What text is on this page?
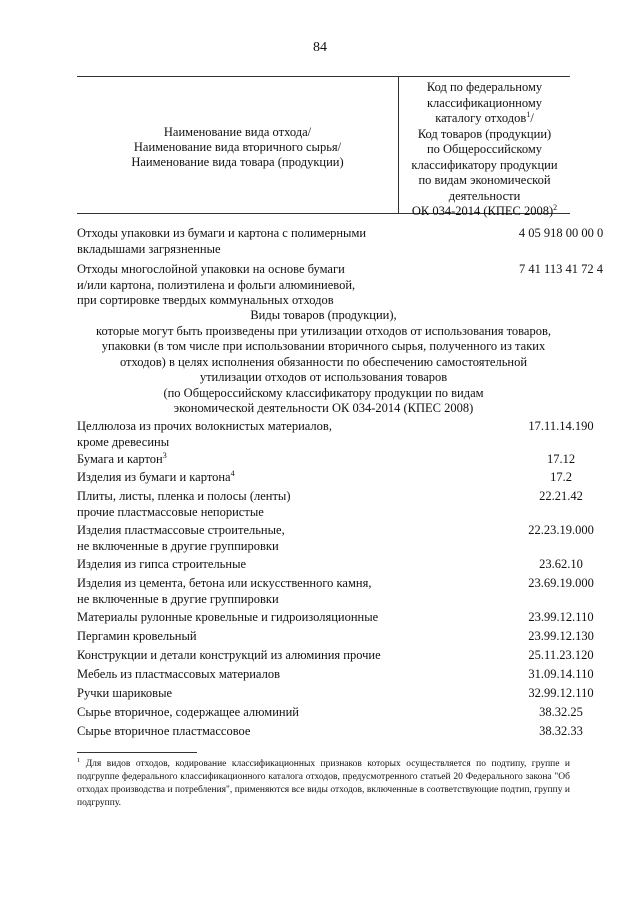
84
Наименование вида отхода/
Наименование вида вторичного сырья/
Наименование вида товара (продукции)
Код по федеральному
классификационному
каталогу отходов$^1$/
Код товаров (продукции)
по Общероссийскому
классификатору продукции
по видам экономической
деятельности
ОК 034-2014 (КПЕС 2008)$^2$
Отходы упаковки из бумаги и картона с полимерными
вкладышами загрязненные
4 05 918 00 00 0
Отходы многослойной упаковки на основе бумаги
и/или картона, полиэтилена и фольги алюминиевой,
при сортировке твердых коммунальных отходов
7 41 113 41 72 4
Виды товаров (продукции),
которые могут быть произведены при утилизации отходов от использования товаров,
упаковки (в том числе при использовании вторичного сырья, полученного из таких
отходов) в целях исполнения обязанности по обеспечению самостоятельной
утилизации отходов от использования товаров
(по Общероссийскому классификатору продукции по видам
экономической деятельности ОК 034-2014 (КПЕС 2008)
Целлюлоза из прочих волокнистых материалов,
кроме древесины
17.11.14.190
Бумага и картон$^3$	17.12
Изделия из бумаги и картона$^4$	17.2
Плиты, листы, пленка и полосы (ленты)
прочие пластмассовые непористые
22.21.42
Изделия пластмассовые строительные,
не включенные в другие группировки
22.23.19.000
Изделия из гипса строительные	23.62.10
Изделия из цемента, бетона или искусственного камня,
не включенные в другие группировки
23.69.19.000
Материалы рулонные кровельные и гидроизоляционные	23.99.12.110
Пергамин кровельный	23.99.12.130
Конструкции и детали конструкций из алюминия прочие	25.11.23.120
Мебель из пластмассовых материалов	31.09.14.110
Ручки шариковые	32.99.12.110
Сырье вторичное, содержащее алюминий	38.32.25
Сырье вторичное пластмассовое	38.32.33
$^1$ Для видов отходов, кодирование классификационных признаков которых осуществляется по подтипу, группе и подгруппе федерального классификационного каталога отходов, предусмотренного статьей 20 Федерального закона "Об отходах производства и потребления", применяются все виды отходов, включенные в соответствующие подтип, группу и подгруппу.
